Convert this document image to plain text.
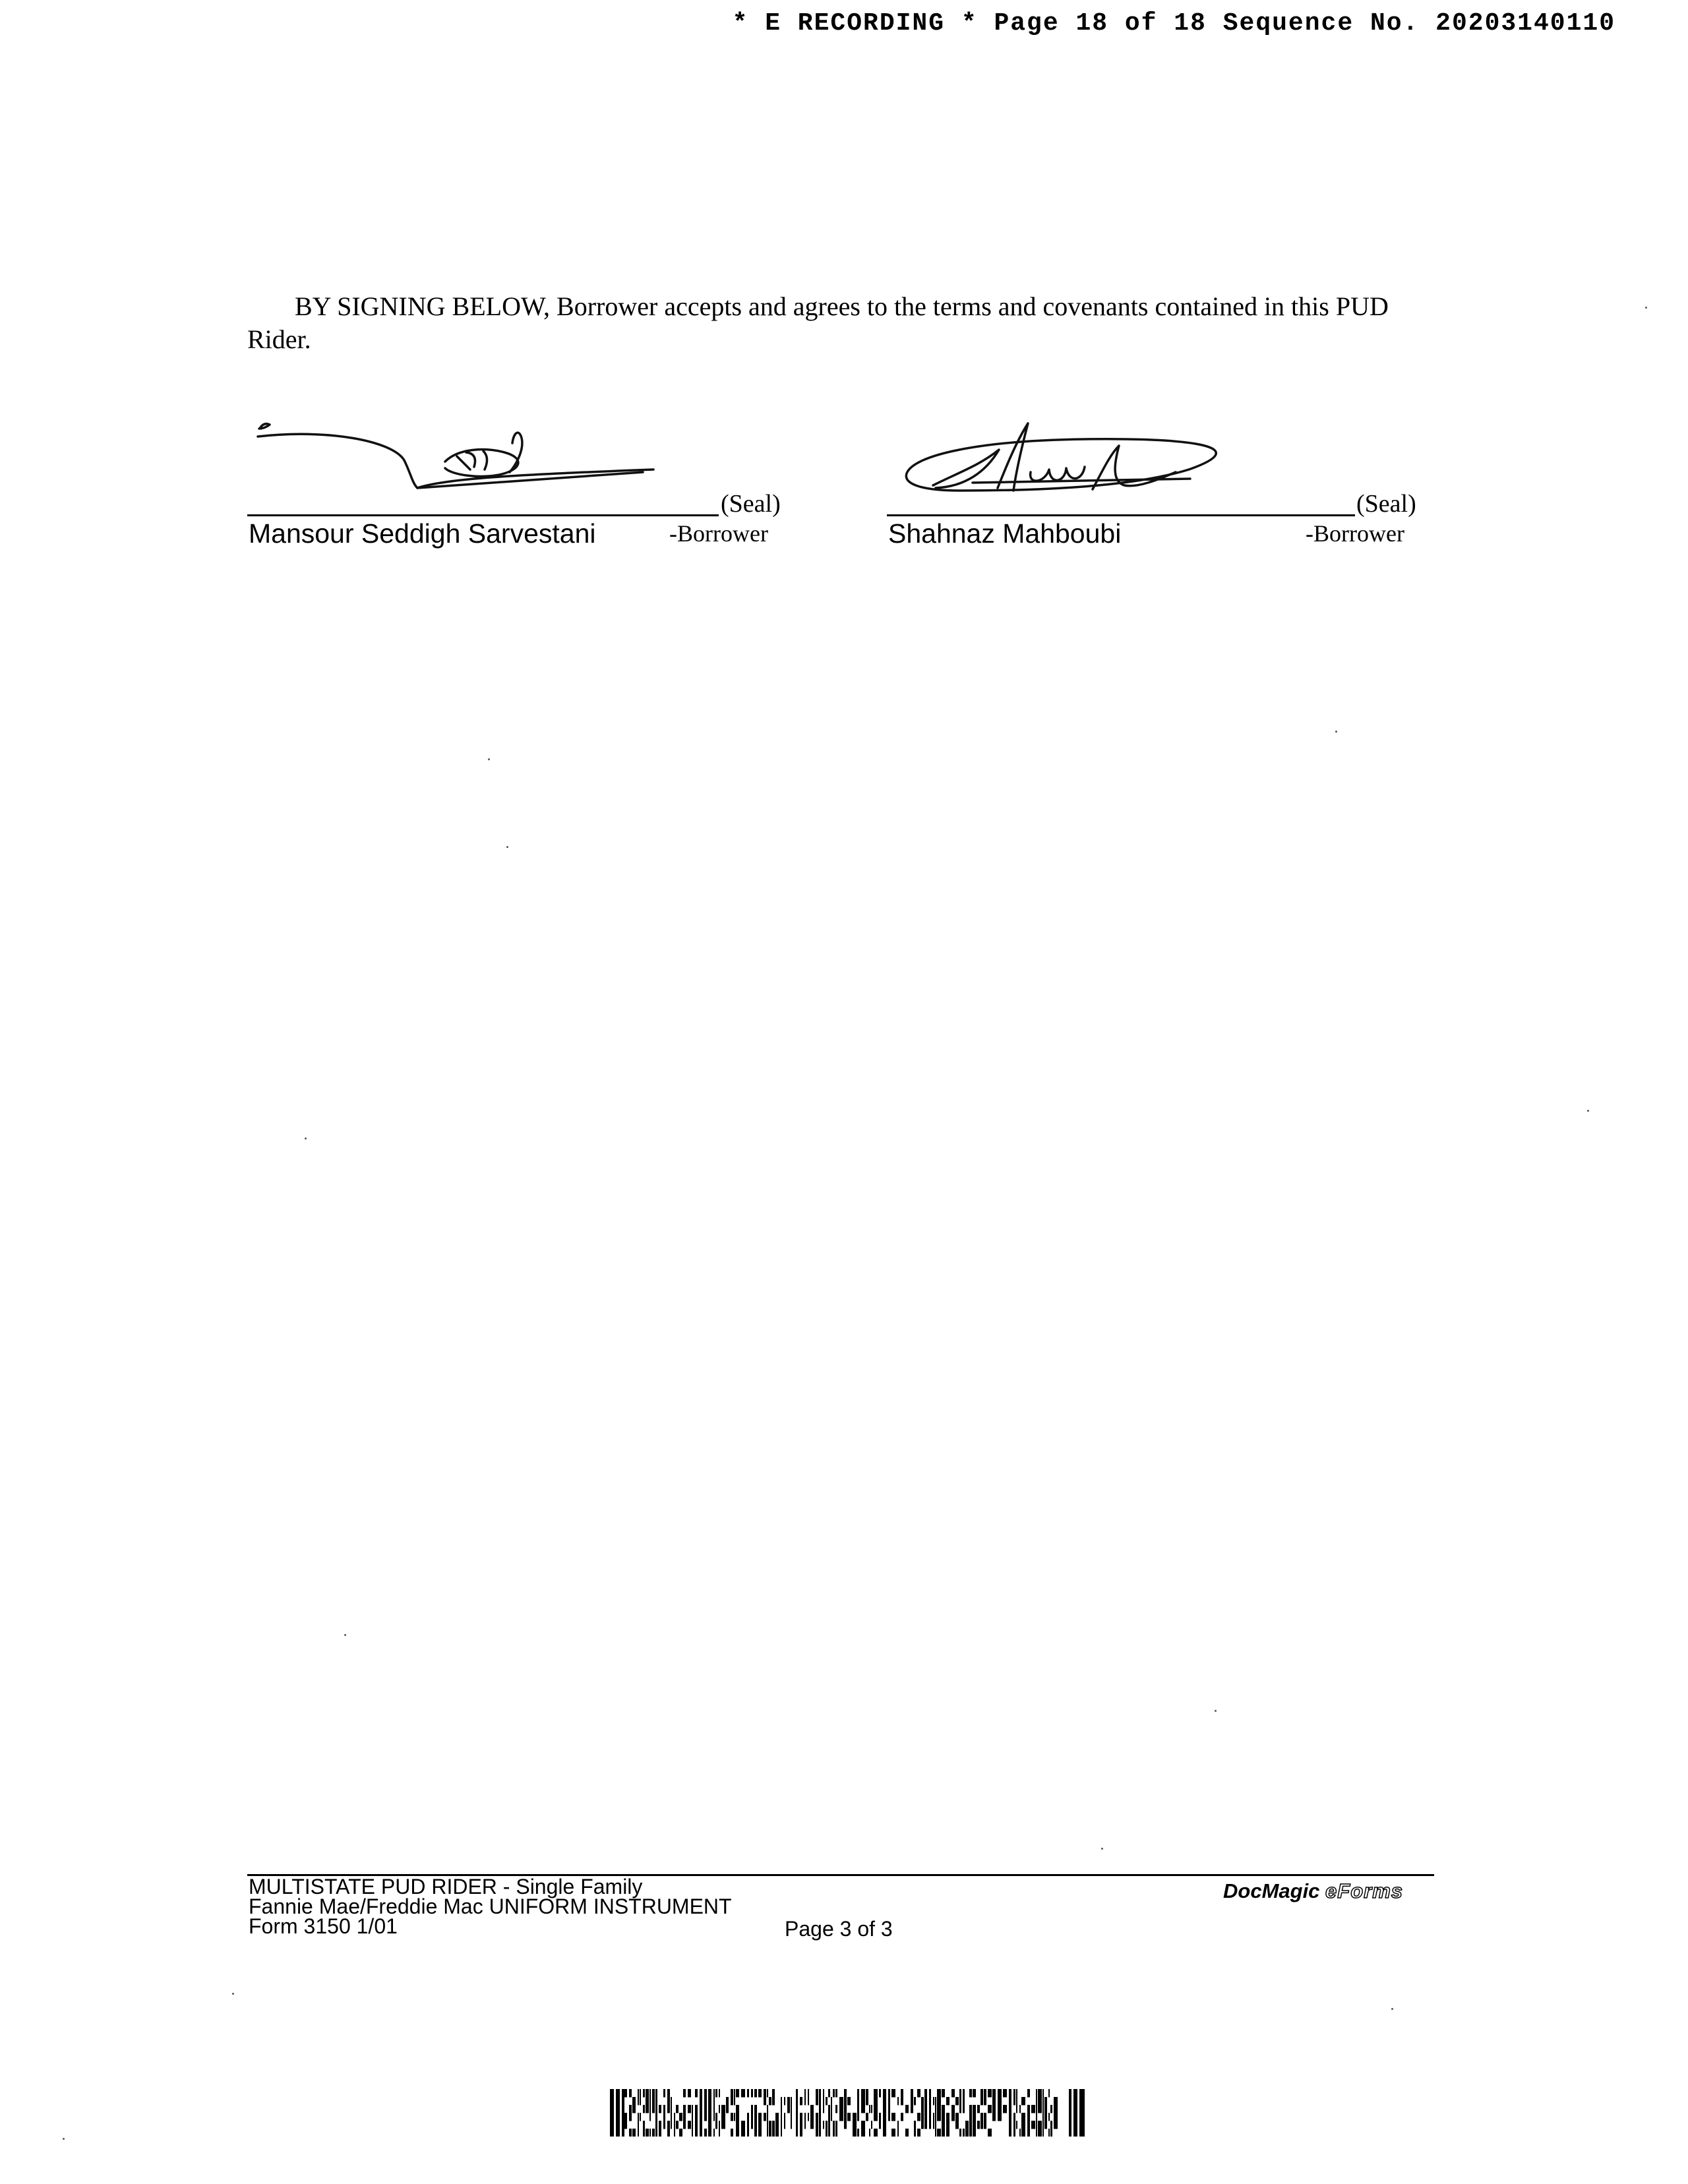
* E RECORDING * Page 18 of 18 Sequence No. 20203140110

BY SIGNING BELOW, Borrower accepts and agrees to the terms and covenants contained in this PUD Rider.

(Seal)
Mansour Seddigh Sarvestani	-Borrower
(Seal)
Shahnaz Mahboubi	-Borrower
MULTISTATE PUD RIDER - Single Family
Fannie Mae/Freddie Mac UNIFORM INSTRUMENT
Form 3150 1/01	Page 3 of 3
DocMagic eForms
